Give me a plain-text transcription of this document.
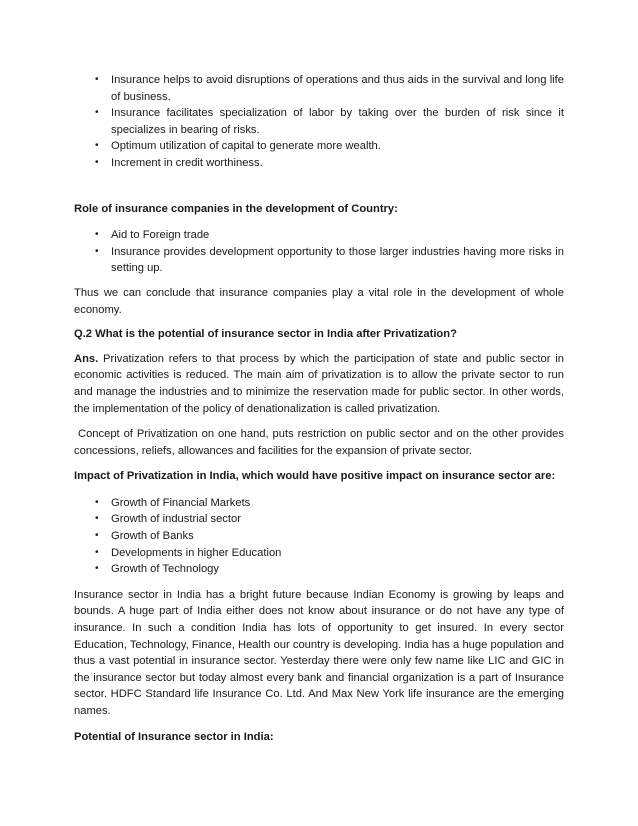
• Insurance helps to avoid disruptions of operations and thus aids in the survival and long life of business.
• Insurance facilitates specialization of labor by taking over the burden of risk since it specializes in bearing of risks.
• Optimum utilization of capital to generate more wealth.
• Increment in credit worthiness.

Role of insurance companies in the development of Country:

• Aid to Foreign trade
• Insurance provides development opportunity to those larger industries having more risks in setting up.

Thus we can conclude that insurance companies play a vital role in the development of whole economy.

Q.2 What is the potential of insurance sector in India after Privatization?

Ans. Privatization refers to that process by which the participation of state and public sector in economic activities is reduced. The main aim of privatization is to allow the private sector to run and manage the industries and to minimize the reservation made for public sector. In other words, the implementation of the policy of denationalization is called privatization.

Concept of Privatization on one hand, puts restriction on public sector and on the other provides concessions, reliefs, allowances and facilities for the expansion of private sector.

Impact of Privatization in India, which would have positive impact on insurance sector are:

• Growth of Financial Markets
• Growth of industrial sector
• Growth of Banks
• Developments in higher Education
• Growth of Technology

Insurance sector in India has a bright future because Indian Economy is growing by leaps and bounds. A huge part of India either does not know about insurance or do not have any type of insurance. In such a condition India has lots of opportunity to get insured. In every sector Education, Technology, Finance, Health our country is developing. India has a huge population and thus a vast potential in insurance sector. Yesterday there were only few name like LIC and GIC in the insurance sector but today almost every bank and financial organization is a part of Insurance sector. HDFC Standard life Insurance Co. Ltd. And Max New York life insurance are the emerging names.

Potential of Insurance sector in India:
